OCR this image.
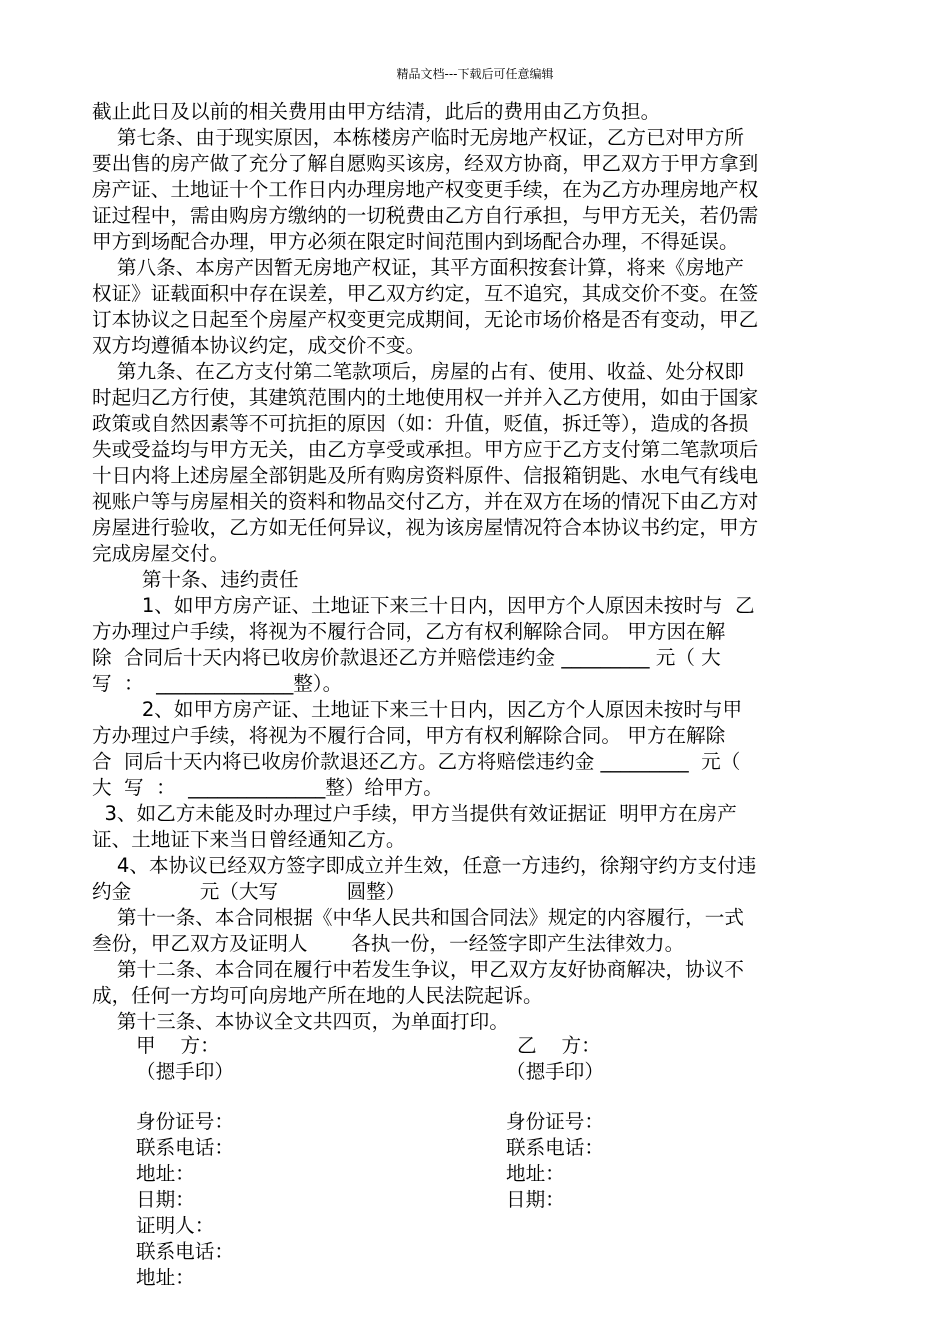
精品文档---下载后可任意编辑
截止此日及以前的相关费用由甲方结清，此后的费用由乙方负担。
第七条、由于现实原因，本栋楼房产临时无房地产权证，乙方已对甲方所
要出售的房产做了充分了解自愿购买该房，经双方协商，甲乙双方于甲方拿到
房产证、土地证十个工作日内办理房地产权变更手续，在为乙方办理房地产权
证过程中，需由购房方缴纳的一切税费由乙方自行承担，与甲方无关，若仍需
甲方到场配合办理，甲方必须在限定时间范围内到场配合办理，不得延误。
第八条、本房产因暂无房地产权证，其平方面积按套计算，将来《房地产
权证》证载面积中存在误差，甲乙双方约定，互不追究，其成交价不变。在签
订本协议之日起至个房屋产权变更完成期间，无论市场价格是否有变动，甲乙
双方均遵循本协议约定，成交价不变。
第九条、在乙方支付第二笔款项后，房屋的占有、使用、收益、处分权即
时起归乙方行使，其建筑范围内的土地使用权一并并入乙方使用，如由于国家
政策或自然因素等不可抗拒的原因（如：升值，贬值，拆迁等），造成的各损
失或受益均与甲方无关，由乙方享受或承担。甲方应于乙方支付第二笔款项后
十日内将上述房屋全部钥匙及所有购房资料原件、信报箱钥匙、水电气有线电
视账户等与房屋相关的资料和物品交付乙方，并在双方在场的情况下由乙方对
房屋进行验收，乙方如无任何异议，视为该房屋情况符合本协议书约定，甲方
完成房屋交付。
第十条、违约责任
1、如甲方房产证、土地证下来三十日内，因甲方个人原因未按时与  乙
方办理过户手续，将视为不履行合同，乙方有权利解除合同。 甲方因在解
除  合同后十天内将已收房价款退还乙方并赔偿违约金 _________ 元（ 大
写  ：  ______________整）。
2、如甲方房产证、土地证下来三十日内，因乙方个人原因未按时与甲
方办理过户手续，将视为不履行合同，甲方有权利解除合同。 甲方在解除
合  同后十天内将已收房价款退还乙方。乙方将赔偿违约金 _________  元（
大  写  ：  ______________整）给甲方。
3、如乙方未能及时办理过户手续，甲方当提供有效证据证  明甲方在房产
证、土地证下来当日曾经通知乙方。
4、本协议已经双方签字即成立并生效，任意一方违约，徐翔守约方支付违
约金           元（大写           圆整）
第十一条、本合同根据《中华人民共和国合同法》规定的内容履行，一式
叁份，甲乙双方及证明人       各执一份，一经签字即产生法律效力。
第十二条、本合同在履行中若发生争议，甲乙双方友好协商解决，协议不
成，任何一方均可向房地产所在地的人民法院起诉。
第十三条、本协议全文共四页，为单面打印。
甲    方：	乙    方：
（摁手印）	（摁手印）
身份证号：	身份证号：
联系电话：	联系电话：
地址：	地址：
日期：	日期：
证明人：
联系电话：
地址：
